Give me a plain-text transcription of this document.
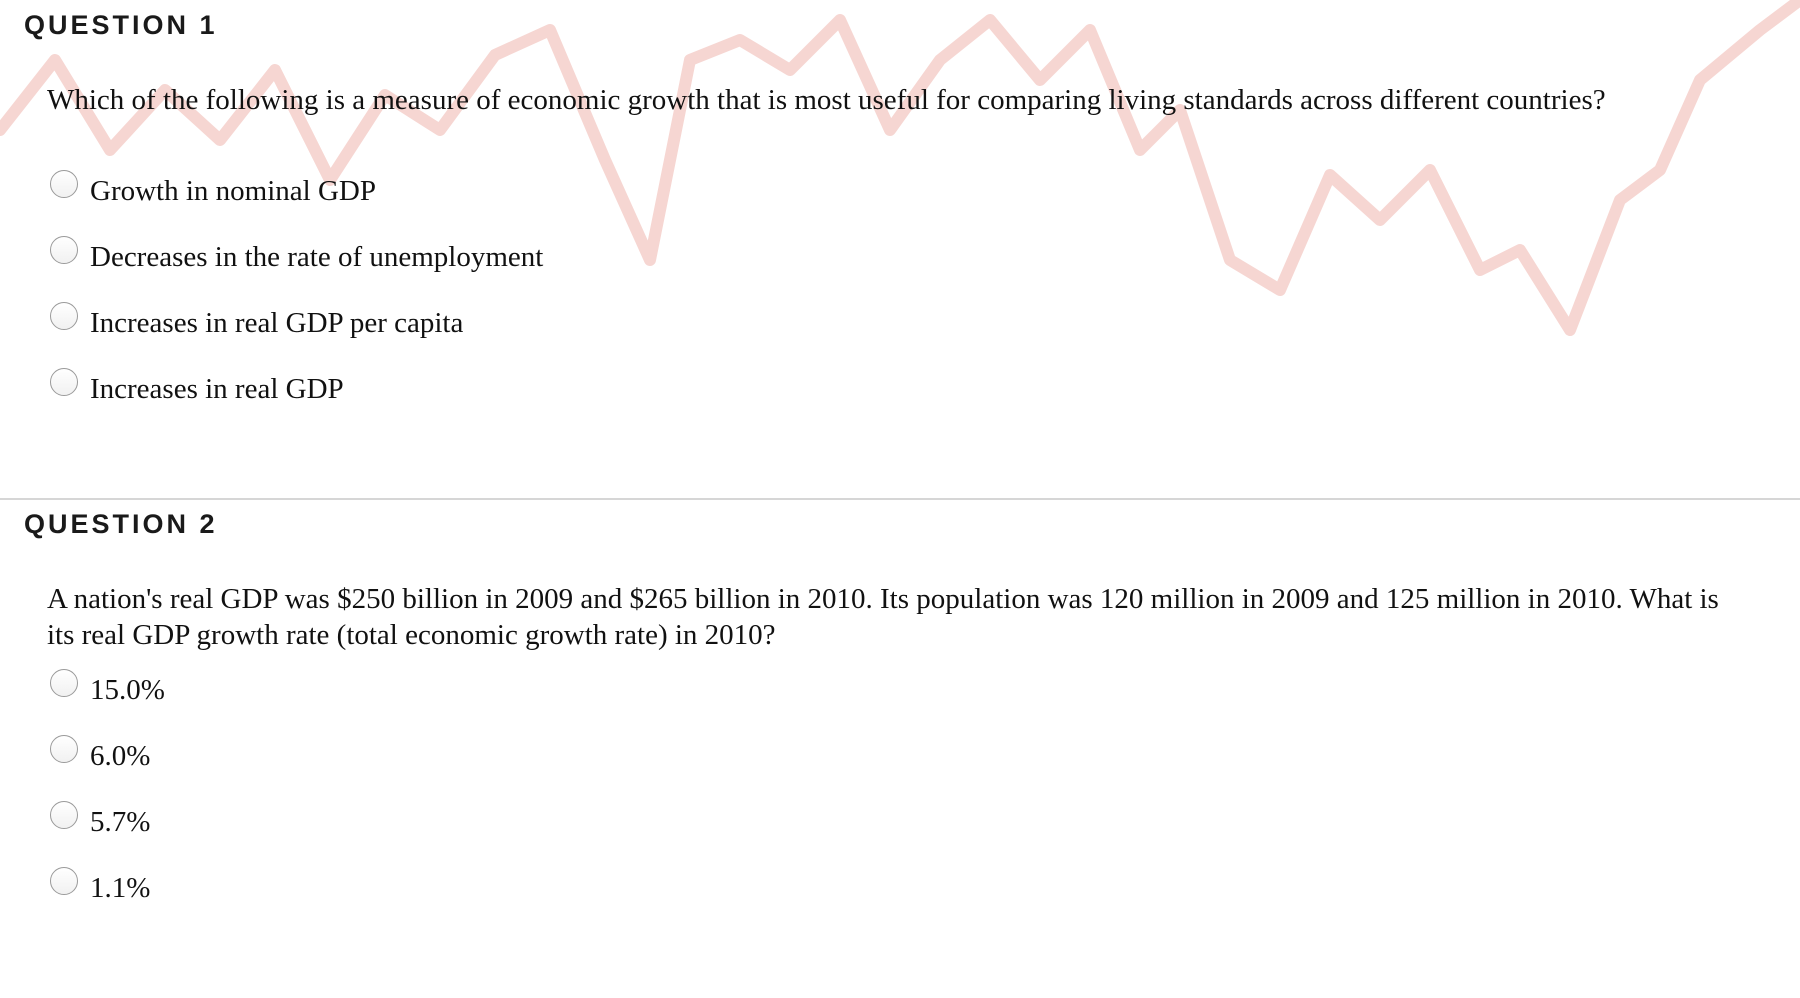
QUESTION 1

Which of the following is a measure of economic growth that is most useful for comparing living standards across different countries?

Growth in nominal GDP
Decreases in the rate of unemployment
Increases in real GDP per capita
Increases in real GDP
QUESTION 2

A nation's real GDP was $250 billion in 2009 and $265 billion in 2010. Its population was 120 million in 2009 and 125 million in 2010. What is its real GDP growth rate (total economic growth rate) in 2010?

15.0%
6.0%
5.7%
1.1%
